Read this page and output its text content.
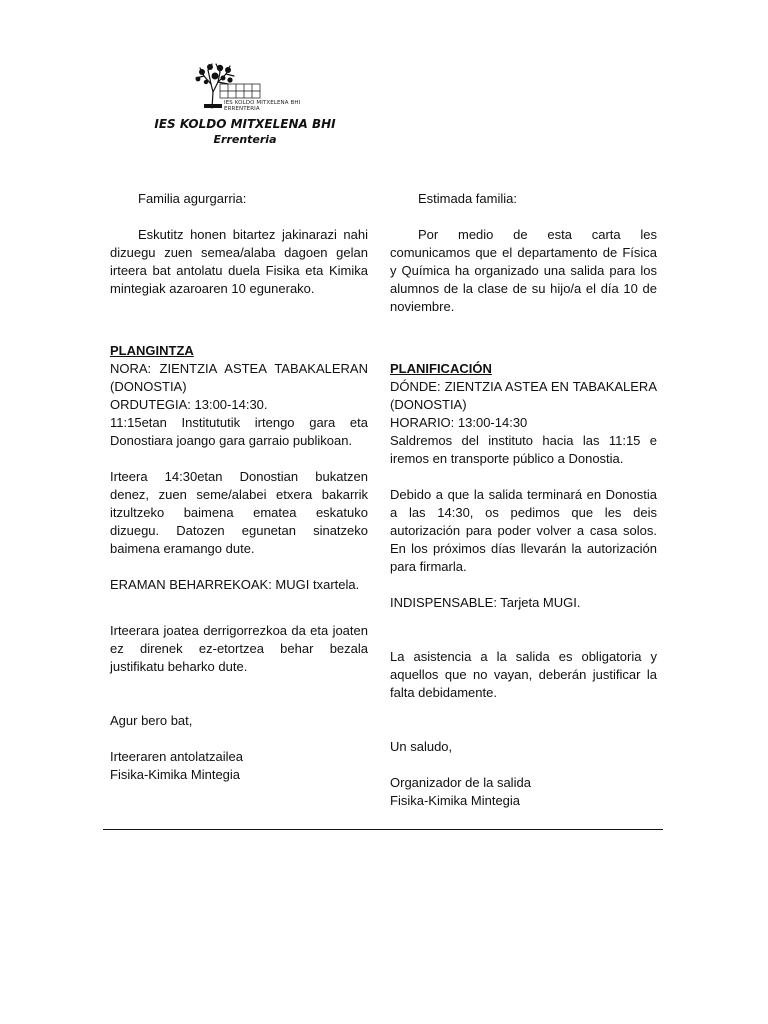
IES KOLDO MITXELENA BHI
ERRENTERIA
IES KOLDO MITXELENA BHI
Errenteria

Familia agurgarria:

Eskutitz honen bitartez jakinarazi nahi dizuegu zuen semea/alaba dagoen gelan irteera bat antolatu duela Fisika eta Kimika mintegiak azaroaren 10 egunerako.

PLANGINTZA

NORA: ZIENTZIA ASTEA TABAKALERAN (DONOSTIA)

ORDUTEGIA: 13:00-14:30.

11:15etan Institututik irtengo gara eta Donostiara joango gara garraio publikoan.

Irteera 14:30etan Donostian bukatzen denez, zuen seme/alabei etxera bakarrik itzultzeko baimena ematea eskatuko dizuegu. Datozen egunetan sinatzeko baimena eramango dute.

ERAMAN BEHARREKOAK: MUGI txartela.

Irteerara joatea derrigorrezkoa da eta joaten ez direnek ez-etortzea behar bezala justifikatu beharko dute.

Agur bero bat,

Irteeraren antolatzailea

Fisika-Kimika Mintegia

Estimada familia:

Por medio de esta carta les comunicamos que el departamento de Física y Química ha organizado una salida para los alumnos de la clase de su hijo/a el día 10 de noviembre.

PLANIFICACIÓN

DÓNDE: ZIENTZIA ASTEA EN TABAKALERA (DONOSTIA)

HORARIO: 13:00-14:30

Saldremos del instituto hacia las 11:15 e iremos en transporte público a Donostia.

Debido a que la salida terminará en Donostia a las 14:30, os pedimos que les deis autorización para poder volver a casa solos. En los próximos días llevarán la autorización para firmarla.

INDISPENSABLE: Tarjeta MUGI.

La asistencia a la salida es obligatoria y aquellos que no vayan, deberán justificar la falta debidamente.

Un saludo,

Organizador de la salida

Fisika-Kimika Mintegia
